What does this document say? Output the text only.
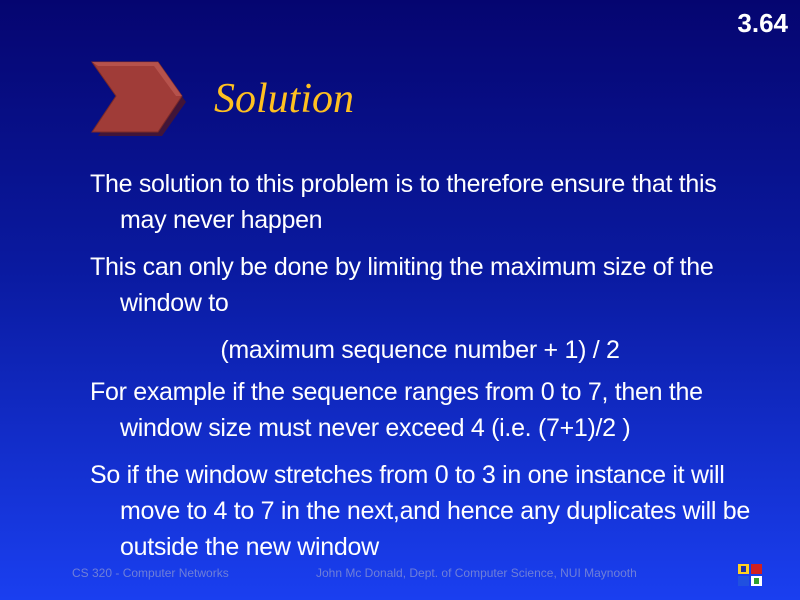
3.64
Solution

The solution to this problem is to therefore ensure that this may never happen

This can only be done by limiting the maximum size of the window to

(maximum sequence number + 1) / 2

For example if the sequence ranges from 0 to 7, then the window size must never exceed 4 (i.e. (7+1)/2 )

So if the window stretches from 0 to 3 in one instance it will move to 4 to 7 in the next,and hence any duplicates will be outside the new window

CS 320 - Computer Networks	John Mc Donald, Dept. of Computer Science, NUI Maynooth
